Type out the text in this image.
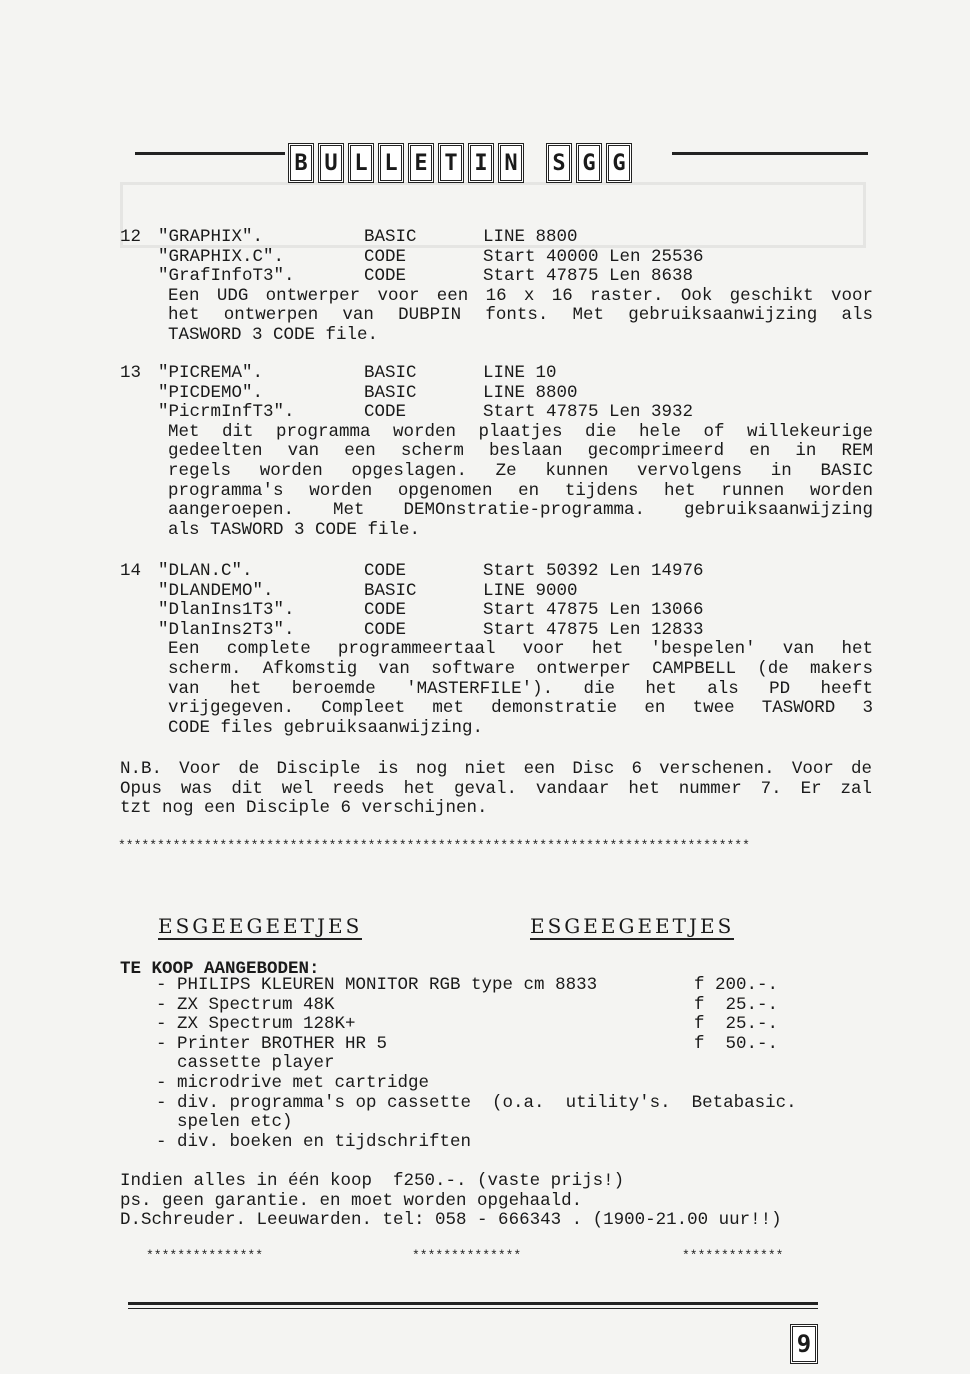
B U L L E T I N S G G
12 "GRAPHIX".	BASIC	LINE 8800
"GRAPHIX.C".	CODE	Start 40000 Len 25536
"GrafInfoT3".	CODE	Start 47875 Len 8638
Een UDG ontwerper voor een 16 x 16 raster. Ook geschikt voor
het ontwerpen van DUBPIN fonts. Met gebruiksaanwijzing als
TASWORD 3 CODE file.
13 "PICREMA".	BASIC	LINE 10
"PICDEMO".	BASIC	LINE 8800
"PicrmInfT3".	CODE	Start 47875 Len 3932
Met dit programma worden plaatjes die hele of willekeurige
gedeelten van een scherm beslaan gecomprimeerd en in REM
regels worden opgeslagen. Ze kunnen vervolgens in BASIC
programma's worden opgenomen en tijdens het runnen worden
aangeroepen. Met DEMOnstratie-programma. gebruiksaanwijzing
als TASWORD 3 CODE file.
14 "DLAN.C".	CODE	Start 50392 Len 14976
"DLANDEMO".	BASIC	LINE 9000
"DlanIns1T3".	CODE	Start 47875 Len 13066
"DlanIns2T3".	CODE	Start 47875 Len 12833
Een complete programmeertaal voor het 'bespelen' van het
scherm. Afkomstig van software ontwerper CAMPBELL (de makers
van het beroemde 'MASTERFILE'). die het als PD heeft
vrijgegeven. Compleet met demonstratie en twee TASWORD 3
CODE files gebruiksaanwijzing.
N.B. Voor de Disciple is nog niet een Disc 6 verschenen. Voor de
Opus was dit wel reeds het geval. vandaar het nummer 7. Er zal
tzt nog een Disciple 6 verschijnen.
*********************************************************************************
ESGEEGEETJES	ESGEEGEETJES
TE KOOP AANGEBODEN:
- PHILIPS KLEUREN MONITOR RGB type cm 8833	f 200.-.
- ZX Spectrum 48K	f  25.-.
- ZX Spectrum 128K+	f  25.-.
- Printer BROTHER HR 5	f  50.-.
cassette player
- microdrive met cartridge
- div. programma's op cassette  (o.a.  utility's.  Betabasic.
spelen etc)
- div. boeken en tijdschriften
Indien alles in één koop  f250.-. (vaste prijs!)
ps. geen garantie. en moet worden opgehaald.
D.Schreuder. Leeuwarden. tel: 058 - 666343 . (1900-21.00 uur!!)
***************	**************	*************
9
